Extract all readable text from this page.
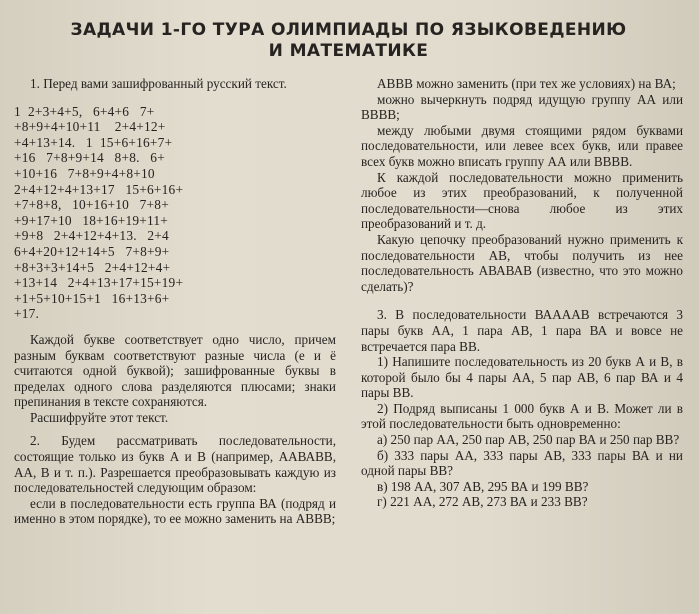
ЗАДАЧИ 1-ГО ТУРА ОЛИМПИАДЫ ПО ЯЗЫКОВЕДЕНИЮ
И МАТЕМАТИКЕ

1. Перед вами зашифрованный русский текст.

1  2+3+4+5,   6+4+6   7+
+8+9+4+10+11    2+4+12+
+4+13+14.   1  15+6+16+7+
+16   7+8+9+14   8+8.   6+
+10+16   7+8+9+4+8+10
2+4+12+4+13+17   15+6+16+
+7+8+8,   10+16+10   7+8+
+9+17+10   18+16+19+11+
+9+8   2+4+12+4+13.   2+4
6+4+20+12+14+5   7+8+9+
+8+3+3+14+5   2+4+12+4+
+13+14   2+4+13+17+15+19+
+1+5+10+15+1   16+13+6+
+17.

Каждой букве соответствует одно число, причем разным буквам соответствуют разные числа (е и ё считаются одной буквой); зашифрованные буквы в пределах одного слова разделяются плюсами; знаки препинания в тексте сохраняются.

Расшифруйте этот текст.

2. Будем рассматривать последовательности, состоящие только из букв А и В (например, ААВАВВ, АА, В и т. п.). Разрешается преобразовывать каждую из последовательностей следующим образом:

если в последовательности есть группа ВА (подряд и именно в этом порядке), то ее можно заменить на АВВВ;

АВВВ можно заменить (при тех же условиях) на ВА;

можно вычеркнуть подряд идущую группу АА или ВВВВ;

между любыми двумя стоящими рядом буквами последовательности, или левее всех букв, или правее всех букв можно вписать группу АА или ВВВВ.

К каждой последовательности можно применить любое из этих преобразований, к полученной последовательности—снова любое из этих преобразований и т. д.

Какую цепочку преобразований нужно применить к последовательности АВ, чтобы получить из нее последовательность АВАВАВ (известно, что это можно сделать)?

3. В последовательности ВАААAВ встречаются 3 пары букв АА, 1 пара АВ, 1 пара ВА и вовсе не встречается пара ВВ.

1) Напишите последовательность из 20 букв А и В, в которой было бы 4 пары АА, 5 пар АВ, 6 пар ВА и 4 пары ВВ.

2) Подряд выписаны 1 000 букв А и В. Может ли в этой последовательности быть одновременно:

а) 250 пар АА, 250 пар АВ, 250 пар ВА и 250 пар ВВ?

б) 333 пары АА, 333 пары АВ, 333 пары ВА и ни одной пары ВВ?

в) 198 АА, 307 АВ, 295 ВА и 199 ВВ?

г) 221 АА, 272 АВ, 273 ВА и 233 ВВ?
